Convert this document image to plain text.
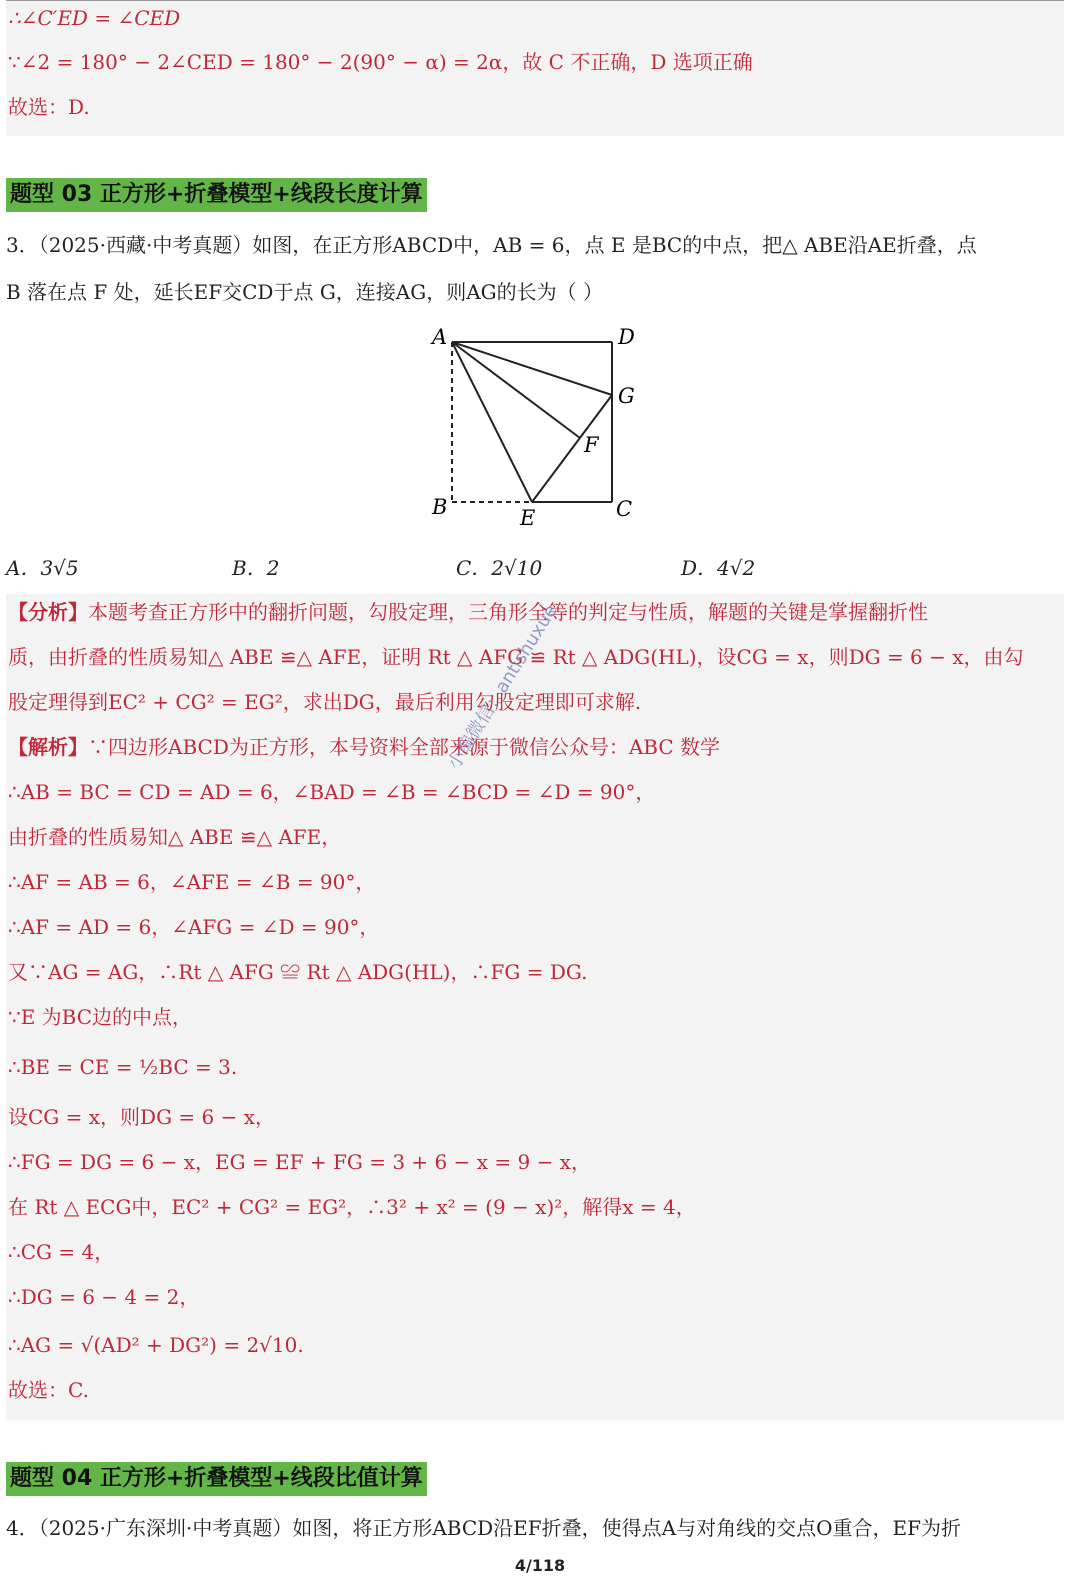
∴∠C′ED = ∠CED
∵∠2 = 180° − 2∠CED = 180° − 2(90° − α) = 2α，故 C 不正确，D 选项正确
故选：D.
题型 03 正方形+折叠模型+线段长度计算
3．（2025·西藏·中考真题）如图，在正方形ABCD中，AB = 6，点 E 是BC的中点，把△ ABE沿AE折叠，点
B 落在点 F 处，延长EF交CD于点 G，连接AG，则AG的长为（ ）
A	D
G
F
B	E	C
A．3√5	B．2	C．2√10	D．4√2
【分析】本题考查正方形中的翻折问题，勾股定理，三角形全等的判定与性质，解题的关键是掌握翻折性
质，由折叠的性质易知△ ABE ≌△ AFE，证明 Rt △ AFG ≌ Rt △ ADG(HL)，设CG = x，则DG = 6 − x，由勾
股定理得到EC² + CG² = EG²，求出DG，最后利用勾股定理即可求解.
【解析】∵四边形ABCD为正方形，本号资料全部来源于微信公众号：ABC 数学
∴AB = BC = CD = AD = 6，∠BAD = ∠B = ∠BCD = ∠D = 90°，
由折叠的性质易知△ ABE ≌△ AFE，
∴AF = AB = 6，∠AFE = ∠B = 90°，
∴AF = AD = 6，∠AFG = ∠D = 90°，
又∵AG = AG，∴Rt △ AFG ≌ Rt △ ADG(HL)，∴FG = DG.
∵E 为BC边的中点，
∴BE = CE = ½BC = 3.
设CG = x，则DG = 6 − x，
∴FG = DG = 6 − x，EG = EF + FG = 3 + 6 − x = 9 − x，
在 Rt △ ECG中，EC² + CG² = EG²，∴3² + x² = (9 − x)²，解得x = 4，
∴CG = 4，
∴DG = 6 − 4 = 2，
∴AG = √(AD² + DG²) = 2√10.
故选：C.
小编微信：antishuxue
题型 04 正方形+折叠模型+线段比值计算
4．（2025·广东深圳·中考真题）如图，将正方形ABCD沿EF折叠，使得点A与对角线的交点O重合，EF为折
4/118
